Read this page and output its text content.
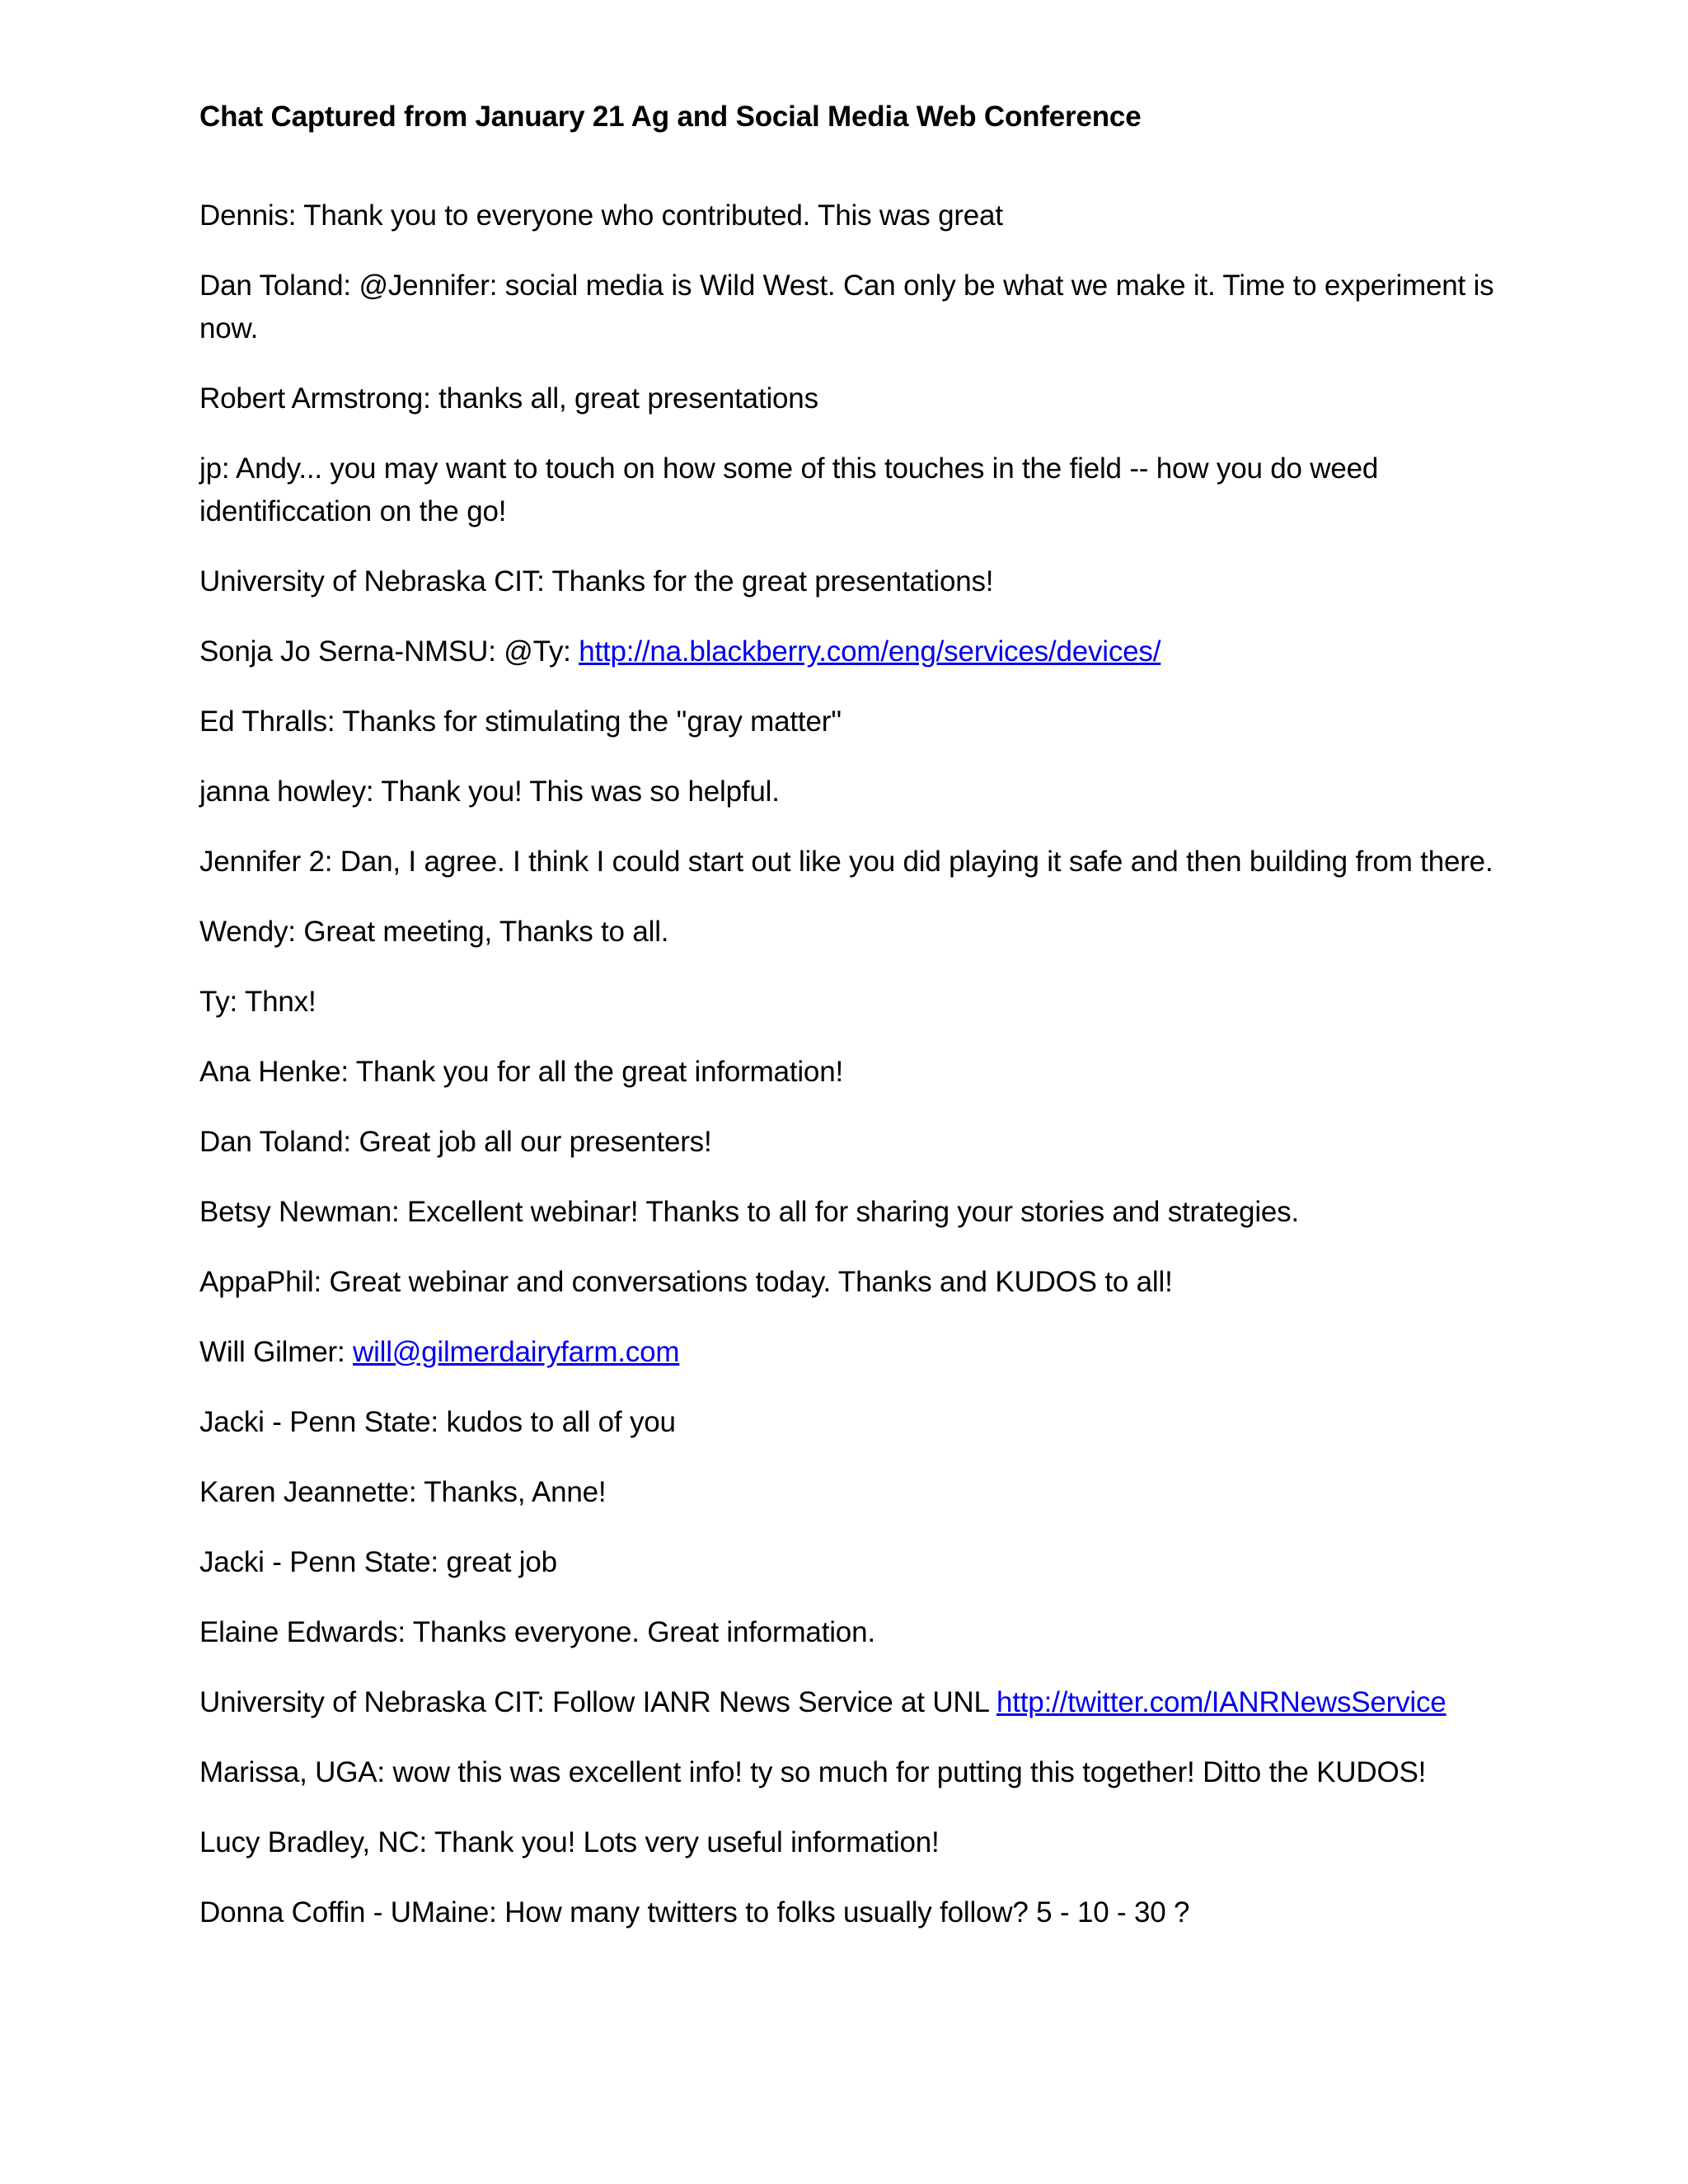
Chat Captured from January 21 Ag and Social Media Web Conference
Dennis: Thank you to everyone who contributed. This was great
Dan Toland: @Jennifer: social media is Wild West. Can only be what we make it. Time to experiment is now.
Robert Armstrong: thanks all, great presentations
jp: Andy... you may want to touch on how some of this touches in the field -- how you do weed identificcation on the go!
University of Nebraska CIT: Thanks for the great presentations!
Sonja Jo Serna-NMSU: @Ty: http://na.blackberry.com/eng/services/devices/
Ed Thralls: Thanks for stimulating the ''gray matter''
janna howley: Thank you! This was so helpful.
Jennifer 2: Dan, I agree. I think I could start out like you did playing it safe and then building from there.
Wendy: Great meeting, Thanks to all.
Ty: Thnx!
Ana Henke: Thank you for all the great information!
Dan Toland: Great job all our presenters!
Betsy Newman: Excellent webinar! Thanks to all for sharing your stories and strategies.
AppaPhil: Great webinar and conversations today. Thanks and KUDOS to all!
Will Gilmer: will@gilmerdairyfarm.com
Jacki - Penn State: kudos to all of you
Karen Jeannette: Thanks, Anne!
Jacki - Penn State: great job
Elaine Edwards: Thanks everyone. Great information.
University of Nebraska CIT: Follow IANR News Service at UNL http://twitter.com/IANRNewsService
Marissa, UGA: wow this was excellent info! ty so much for putting this together! Ditto the KUDOS!
Lucy Bradley, NC: Thank you! Lots very useful information!
Donna Coffin - UMaine: How many twitters to folks usually follow? 5 - 10 - 30 ?
